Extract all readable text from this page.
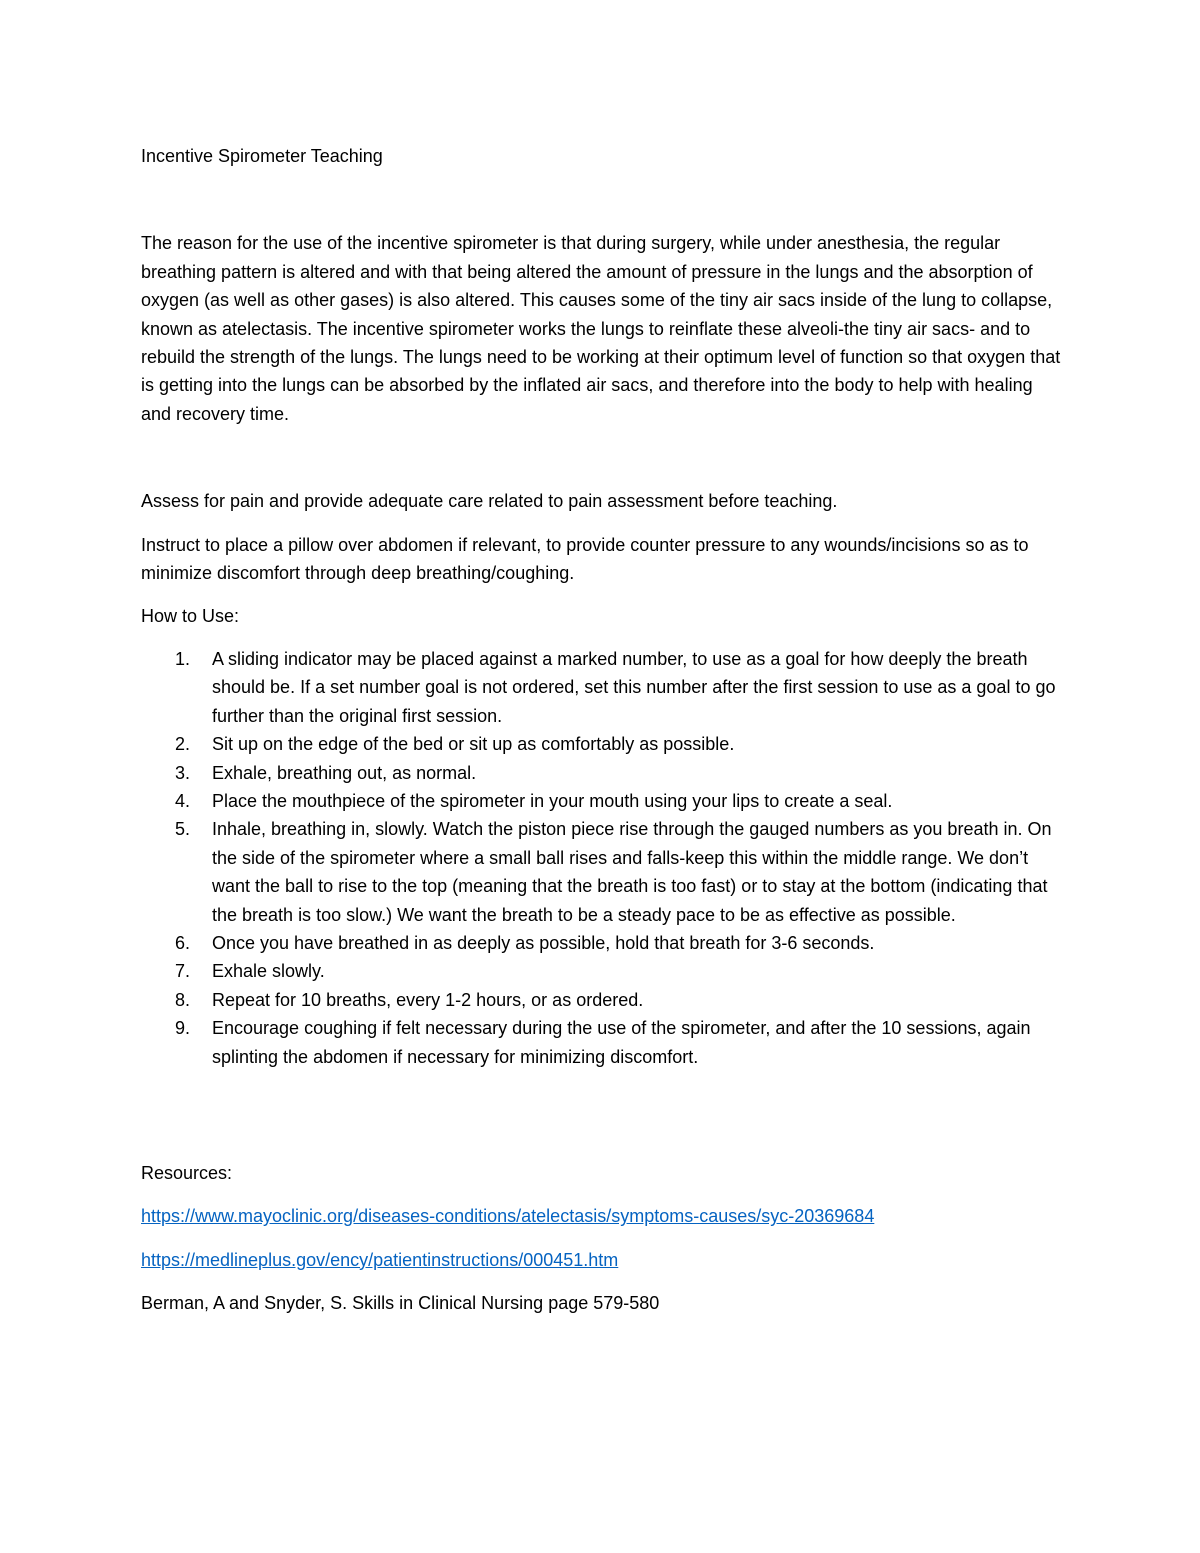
Incentive Spirometer Teaching

The reason for the use of the incentive spirometer is that during surgery, while under anesthesia, the regular breathing pattern is altered and with that being altered the amount of pressure in the lungs and the absorption of oxygen (as well as other gases) is also altered. This causes some of the tiny air sacs inside of the lung to collapse, known as atelectasis. The incentive spirometer works the lungs to reinflate these alveoli-the tiny air sacs- and to rebuild the strength of the lungs. The lungs need to be working at their optimum level of function so that oxygen that is getting into the lungs can be absorbed by the inflated air sacs, and therefore into the body to help with healing and recovery time.

Assess for pain and provide adequate care related to pain assessment before teaching.

Instruct to place a pillow over abdomen if relevant, to provide counter pressure to any wounds/incisions so as to minimize discomfort through deep breathing/coughing.

How to Use:

1. A sliding indicator may be placed against a marked number, to use as a goal for how deeply the breath should be. If a set number goal is not ordered, set this number after the first session to use as a goal to go further than the original first session.
2. Sit up on the edge of the bed or sit up as comfortably as possible.
3. Exhale, breathing out, as normal.
4. Place the mouthpiece of the spirometer in your mouth using your lips to create a seal.
5. Inhale, breathing in, slowly. Watch the piston piece rise through the gauged numbers as you breath in. On the side of the spirometer where a small ball rises and falls-keep this within the middle range. We don’t want the ball to rise to the top (meaning that the breath is too fast) or to stay at the bottom (indicating that the breath is too slow.) We want the breath to be a steady pace to be as effective as possible.
6. Once you have breathed in as deeply as possible, hold that breath for 3-6 seconds.
7. Exhale slowly.
8. Repeat for 10 breaths, every 1-2 hours, or as ordered.
9. Encourage coughing if felt necessary during the use of the spirometer, and after the 10 sessions, again splinting the abdomen if necessary for minimizing discomfort.

Resources:

https://www.mayoclinic.org/diseases-conditions/atelectasis/symptoms-causes/syc-20369684

https://medlineplus.gov/ency/patientinstructions/000451.htm

Berman, A and Snyder, S. Skills in Clinical Nursing page 579-580
